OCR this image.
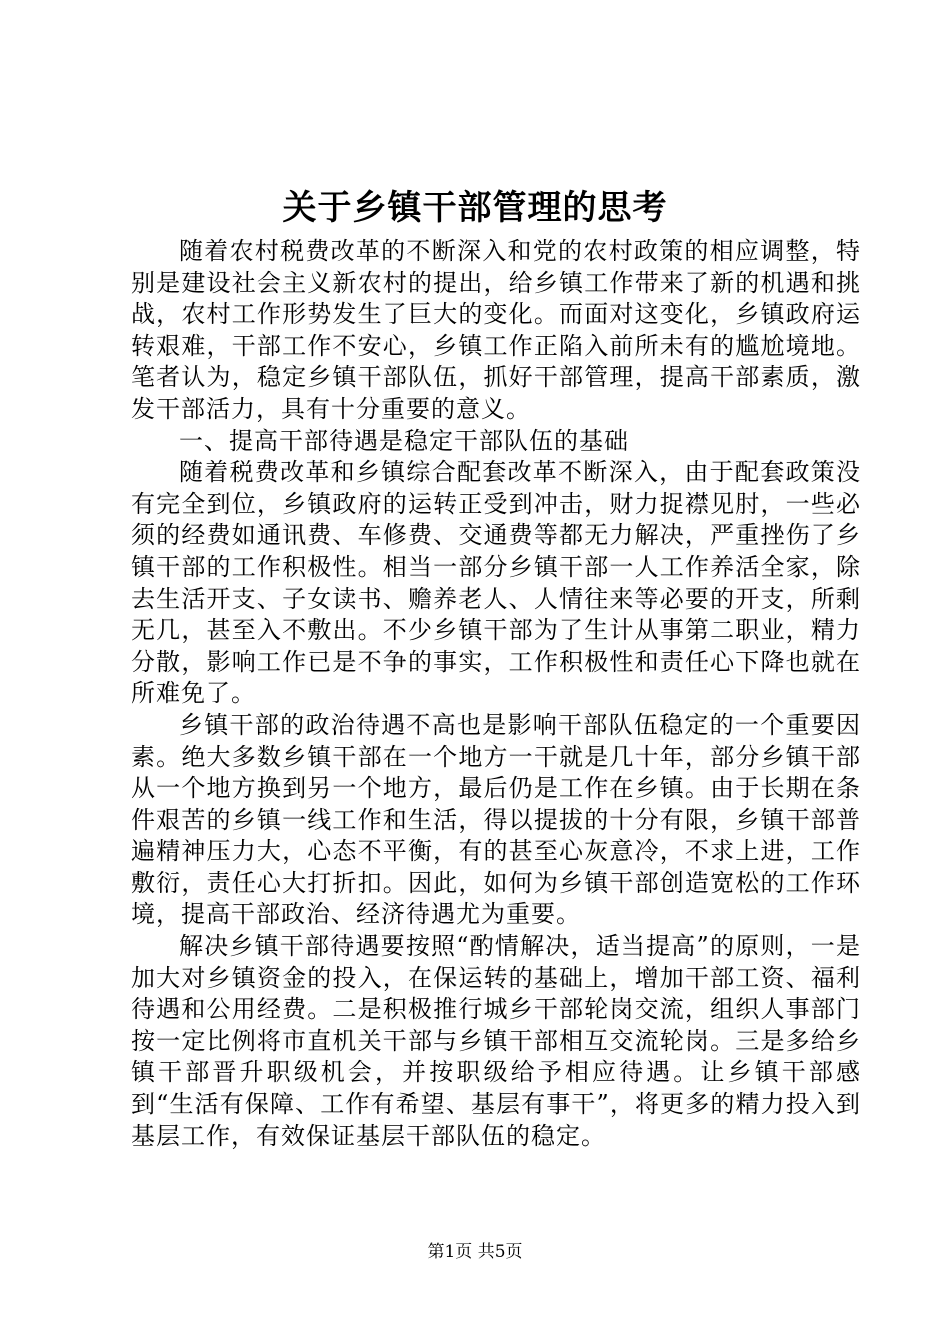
关于乡镇干部管理的思考

随着农村税费改革的不断深入和党的农村政策的相应调整，特别是建设社会主义新农村的提出，给乡镇工作带来了新的机遇和挑战，农村工作形势发生了巨大的变化。而面对这变化，乡镇政府运转艰难，干部工作不安心，乡镇工作正陷入前所未有的尴尬境地。笔者认为，稳定乡镇干部队伍，抓好干部管理，提高干部素质，激发干部活力，具有十分重要的意义。

一、提高干部待遇是稳定干部队伍的基础

随着税费改革和乡镇综合配套改革不断深入，由于配套政策没有完全到位，乡镇政府的运转正受到冲击，财力捉襟见肘，一些必须的经费如通讯费、车修费、交通费等都无力解决，严重挫伤了乡镇干部的工作积极性。相当一部分乡镇干部一人工作养活全家，除去生活开支、子女读书、赡养老人、人情往来等必要的开支，所剩无几，甚至入不敷出。不少乡镇干部为了生计从事第二职业，精力分散，影响工作已是不争的事实，工作积极性和责任心下降也就在所难免了。

乡镇干部的政治待遇不高也是影响干部队伍稳定的一个重要因素。绝大多数乡镇干部在一个地方一干就是几十年，部分乡镇干部从一个地方换到另一个地方，最后仍是工作在乡镇。由于长期在条件艰苦的乡镇一线工作和生活，得以提拔的十分有限，乡镇干部普遍精神压力大，心态不平衡，有的甚至心灰意冷，不求上进，工作敷衍，责任心大打折扣。因此，如何为乡镇干部创造宽松的工作环境，提高干部政治、经济待遇尤为重要。

解决乡镇干部待遇要按照“酌情解决，适当提高”的原则，一是加大对乡镇资金的投入，在保运转的基础上，增加干部工资、福利待遇和公用经费。二是积极推行城乡干部轮岗交流，组织人事部门按一定比例将市直机关干部与乡镇干部相互交流轮岗。三是多给乡镇干部晋升职级机会，并按职级给予相应待遇。让乡镇干部感到“生活有保障、工作有希望、基层有事干”，将更多的精力投入到基层工作，有效保证基层干部队伍的稳定。

第1页 共5页
